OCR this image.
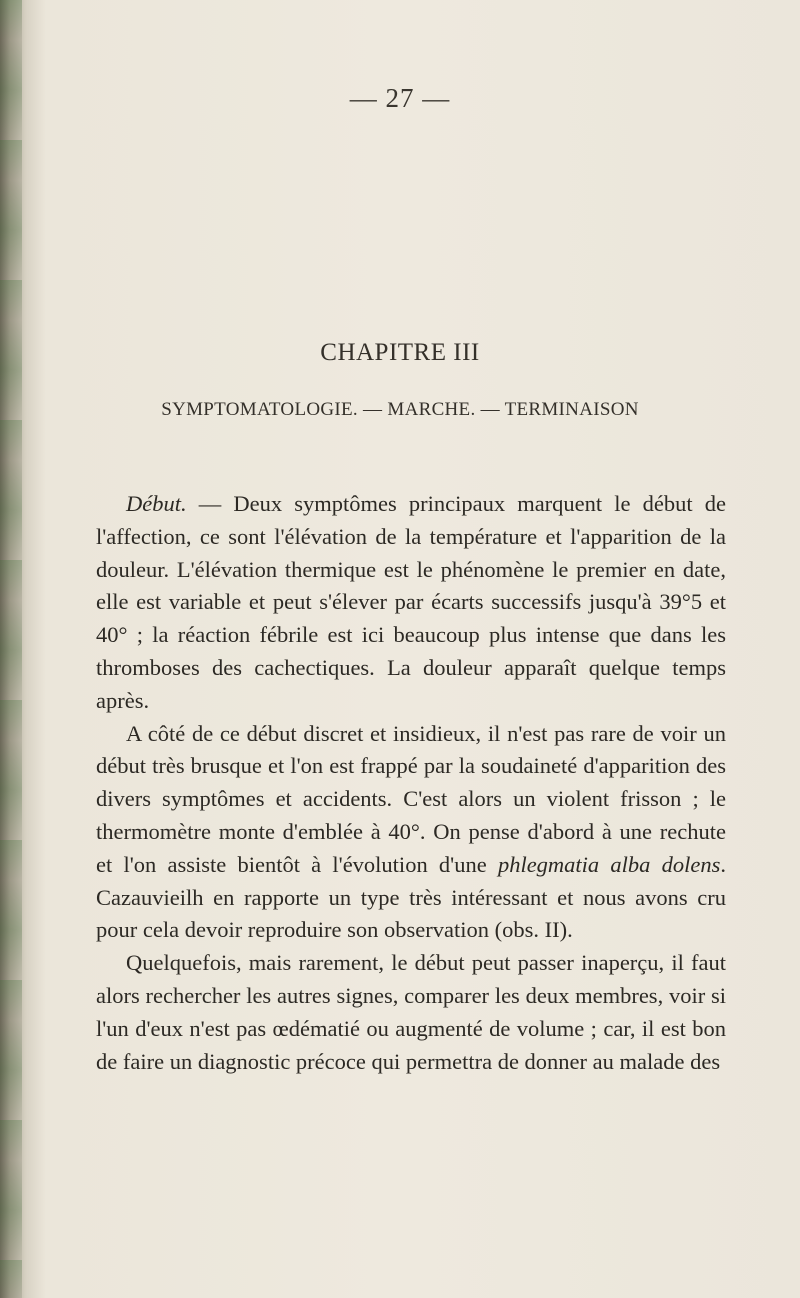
— 27 —
CHAPITRE III
SYMPTOMATOLOGIE. — MARCHE. — TERMINAISON

Début. — Deux symptômes principaux marquent le début de l'affection, ce sont l'élévation de la température et l'apparition de la douleur. L'élévation thermique est le phénomène le premier en date, elle est variable et peut s'élever par écarts successifs jusqu'à 39°5 et 40° ; la réaction fébrile est ici beaucoup plus intense que dans les thromboses des cachectiques. La douleur apparaît quelque temps après.

A côté de ce début discret et insidieux, il n'est pas rare de voir un début très brusque et l'on est frappé par la soudaineté d'apparition des divers symptômes et accidents. C'est alors un violent frisson ; le thermomètre monte d'emblée à 40°. On pense d'abord à une rechute et l'on assiste bientôt à l'évolution d'une phlegmatia alba dolens. Cazauvieilh en rapporte un type très intéressant et nous avons cru pour cela devoir reproduire son observation (obs. II).

Quelquefois, mais rarement, le début peut passer inaperçu, il faut alors rechercher les autres signes, comparer les deux membres, voir si l'un d'eux n'est pas œdématié ou augmenté de volume ; car, il est bon de faire un diagnostic précoce qui permettra de donner au malade des
